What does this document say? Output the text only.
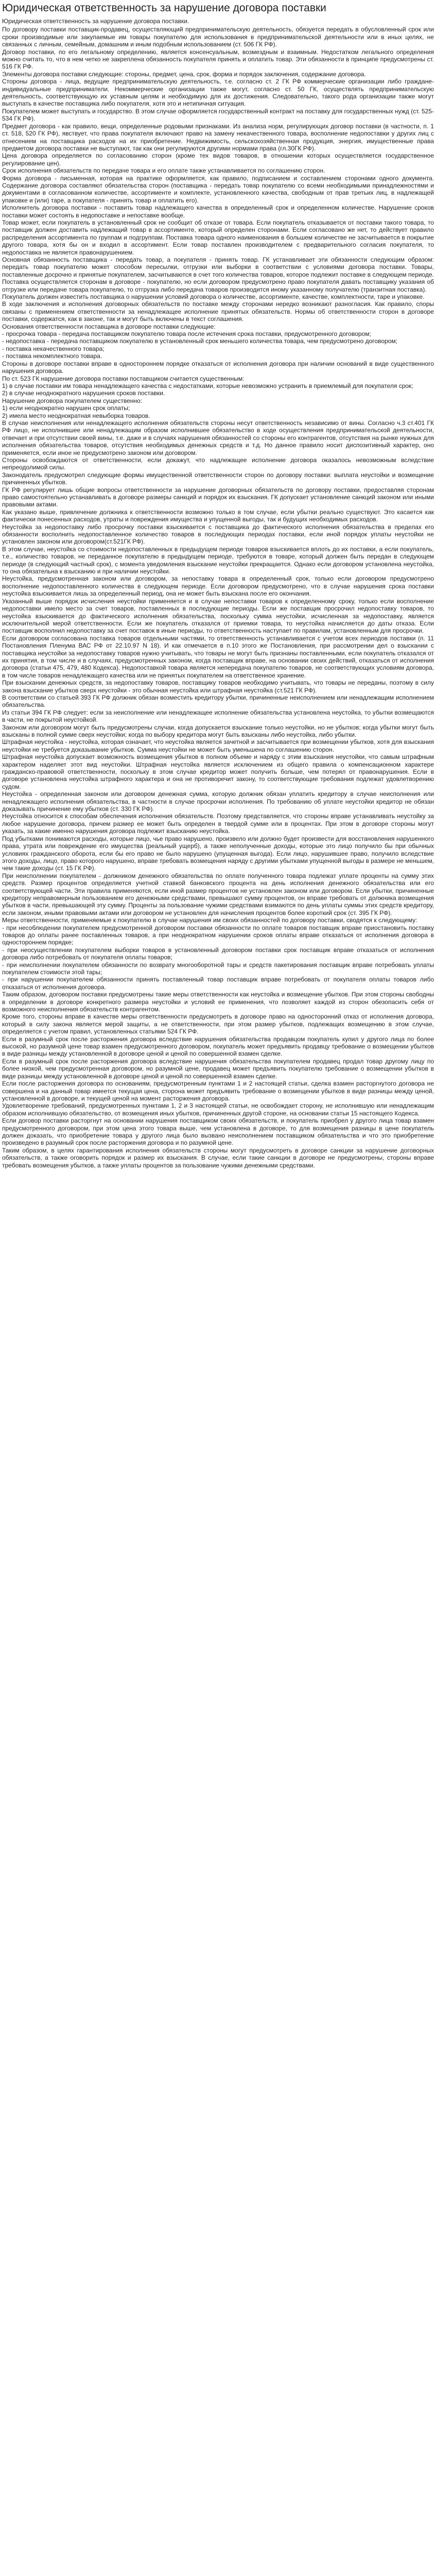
Юридическая ответственность за нарушение договора поставки

Юридическая ответственность за нарушение договора поставки.

По договору поставки поставщик-продавец, осуществляющий предпринимательскую деятельность, обязуется передать в обусловленный срок или сроки производимые или закупаемые им товары покупателю для использования в предпринимательской деятельности или в иных целях, не связанных с личным, семейным, домашним и иным подобным использованием (ст. 506 ГК РФ).

Договор поставки, по его легальному определению, является консенсуальным, возмездным и взаимным. Недостатком легального определения можно считать то, что в нем четко не закреплена обязанность покупателя принять и оплатить товар. Эти обязанности в принципе предусмотрены ст. 516 ГК РФ.

Элементы договора поставки следующие: стороны, предмет, цена, срок, форма и порядок заключения, содержание договора.

Стороны договора - лица, ведущие предпринимательскую деятельность, т.е. согласно ст. 2 ГК РФ коммерческие организации либо граждане-индивидуальные предприниматели. Некоммерческие организации также могут, согласно ст. 50 ГК, осуществлять предпринимательскую деятельность, соответствующую их уставным целям и необходимую для их достижения. Следовательно, такого рода организации также могут выступать в качестве поставщика либо покупателя, хотя это и нетипичная ситуация.

Покупателем может выступать и государство. В этом случае оформляется государственный контракт на поставку для государственных нужд (ст. 525-534 ГК РФ).

Предмет договора - как правило, вещи, определенные родовыми признаками. Из анализа норм, регулирующих договор поставки (в частности, п. 1 ст. 518, 520 ГК РФ), явствует, что права покупателя включают право на замену некачественного товара, восполнение недопоставки у других лиц с отнесением на поставщика расходов на их приобретение. Недвижимость, сельскохозяйственная продукция, энергия, имущественные права предметом договора поставки не выступают, так как они регулируются другими нормами права (гл.30ГК РФ).

Цена договора определяется по согласованию сторон (кроме тех видов товаров, в отношении которых осуществляется государственное регулирование цен).

Срок исполнения обязательств по передаче товара и его оплате также устанавливается по соглашению сторон.

Форма договора - письменная, которая на практике оформляется, как правило, подписанием и составлением сторонами одного документа. Содержание договора составляют обязательства сторон (поставщика - передать товар покупателю со всеми необходимыми принадлежностями и документами в согласованном количестве, ассортименте и комплекте, установленного качества, свободным от прав третьих лиц, в надлежащей упаковке и (или) таре, а покупателя - принять товар и оплатить его).

Исполнитель договора поставки - поставить товар надлежащего качества в определенный срок и определенном количестве. Нарушение сроков поставки может состоять в недопоставке и непоставке вообще.

Товар может, если покупатель в установленный срок не сообщит об отказе от товара. Если покупатель отказывается от поставки такого товара, то поставщик должен доставить надлежащий товар в ассортименте, который определен сторонами. Если согласовано же нет, то действует правило распределения ассортимента по группам и подгруппам. Поставка товара одного наименования в большем количестве не засчитывается в покрытие другого товара, хотя бы он и входил в ассортимент. Если товар поставлен производителем с предварительного согласия покупателя, то недопоставка не является правонарушением.

Основная обязанность поставщика - передать товар, а покупателя - принять товар. ГК устанавливает эти обязанности следующим образом: передать товар покупателю может способом пересылки, отгрузки или выборки в соответствии с условиями договора поставки. Товары, поставленные досрочно и принятые покупателем, засчитываются в счет того количества товаров, которое подлежит поставке в следующем периоде. Поставка осуществляется сторонам в договоре - покупателю, но если договором предусмотрено право покупателя давать поставщику указания об отгрузке или передаче товара покупателю, то отгрузка либо передача товаров производится иному указанному получателю (транзитная поставка).

Покупатель должен известить поставщика о нарушении условий договора о количестве, ассортименте, качестве, комплектности, таре и упаковке.

В ходе заключения и исполнения договорных обязательств по поставке между сторонами нередко возникают разногласия. Как правило, споры связаны с применением ответственности за ненадлежащее исполнение принятых обязательств. Нормы об ответственности сторон в договоре поставки, содержатся, как в законе, так и могут быть включены в текст соглашения.

Основания ответственности поставщика в договоре поставки следующие:

- просрочка товара - передача поставщиком покупателю товара после истечения срока поставки, предусмотренного договором;

- недопоставка - передача поставщиком покупателю в установленный срок меньшего количества товара, чем предусмотрено договором;

- поставка некачественного товара;

- поставка некомплектного товара.

Стороны в договоре поставки вправе в одностороннем порядке отказаться от исполнения договора при наличии оснований в виде существенного нарушения договора.

По ст. 523 ГК нарушение договора поставки поставщиком считается существенным:

1) в случае поставки им товара ненадлежащего качества с недостатками, которые невозможно устранить в приемлемый для покупателя срок;

2) в случае неоднократного нарушения сроков поставки.

Нарушение договора покупателем существенно:

1) если неоднократно нарушен срок оплаты;

2) имела место неоднократная невыборка товаров.

В случае неисполнения или ненадлежащего исполнения обязательств стороны несут ответственность независимо от вины. Согласно ч.3 ст.401 ГК РФ лицо, не исполнившее или ненадлежащим образом исполнившее обязательство в ходе осуществления предпринимательской деятельности, отвечает и при отсутствии своей вины, т.е. даже и в случаях нарушения обязанностей со стороны его контрагентов, отсутствия на рынке нужных для исполнения обязательства товаров, отсутствия необходимых денежных средств и т.д. Но данное правило носит диспозитивный характер, оно применяется, если иное не предусмотрено законом или договором.

Стороны освобождаются от ответственности, если докажут, что надлежащее исполнение договора оказалось невозможным вследствие непреодолимой силы.

Законодатель предусмотрел следующие формы имущественной ответственности сторон по договору поставки: выплата неустойки и возмещение причиненных убытков.

ГК РФ регулирует лишь общие вопросы ответственности за нарушение договорных обязательств по договору поставки, предоставляя сторонам право самостоятельно устанавливать в договоре размеры санкций и порядок их взыскания. ГК допускает установление санкций законом или иными правовыми актами.

Как указано выше, привлечение должника к ответственности возможно только в том случае, если убытки реально существуют. Это касается как фактически понесенных расходов, утраты и повреждения имущества и упущенной выгоды, так и будущих необходимых расходов.

Неустойка за недопоставку либо просрочку поставки взыскивается с поставщика до фактического исполнения обязательства в пределах его обязанности восполнить недопоставленное количество товаров в последующих периодах поставки, если иной порядок уплаты неустойки не установлен законом или договором(ст.521ГК РФ).

В этом случае, неустойка со стоимости недопоставленных в предыдущем периоде товаров взыскивается вплоть до их поставки, а если покупатель, т.е., количество товаров, не переданное покупателю в предыдущем периоде, требуются в товаре, который должен быть передан в следующем периоде (в следующий частный срок), с момента уведомления взыскание неустойки прекращается. Однако если договором установлена неустойка, то она обязательна к взысканию и при наличии неустойки.

Неустойка, предусмотренная законом или договором, за непоставку товара в определенный срок, только если договором предусмотрено восполнение недопоставленного количества в следующем периоде. Если договором предусмотрено, что в случае нарушения срока поставки неустойка взыскивается лишь за определенный период, она не может быть взыскана после его окончания.

Указанный выше порядок исчисления неустойки применяется и в случае непоставки товаров к определенному сроку, только если восполнение недопоставки имело место за счет товаров, поставленных в последующие периоды. Если же поставщик просрочил недопоставку товаров, то неустойка взыскивается до фактического исполнения обязательства, поскольку сумма неустойки, исчисленная за недопоставку, является исключительной мерой ответственности. Если же покупатель отказался от приемки товара, то неустойка начисляется до даты отказа. Если поставщик восполнил недопоставку за счет поставок в иные периоды, то ответственность наступает по правилам, установленным для просрочки.

Если договором согласована поставка товаров отдельными частями, то ответственность устанавливается с учетом всех периодов поставки (п. 11 Постановления Пленума ВАС РФ от 22.10.97 N 18). И как отмечается в п.10 этого же Постановления, при рассмотрении дел о взыскании с поставщика неустойки за недопоставку товаров нужно учитывать, что товары не могут быть признаны поставленными, если покупатель отказался от их принятия, в том числе и в случаях, предусмотренных законом, когда поставщик вправе, на основании своих действий, отказаться от исполнения договора (статьи 475, 479, 480 Кодекса). Недопоставкой товара является непередача покупателю товаров, не соответствующих условиям договора, в том числе товаров ненадлежащего качества или не принятых покупателем на ответственное хранение.

При взыскании денежных средств, за недопоставку товаров, поставщику товаров необходимо учитывать, что товары не переданы, поэтому в силу закона взыскание убытков сверх неустойки - это обычная неустойка или штрафная неустойка (ст.521 ГК РФ).

В соответствии со статьей 393 ГК РФ должник обязан возместить кредитору убытки, причиненные неисполнением или ненадлежащим исполнением обязательства.

Из статьи 394 ГК РФ следует: если за неисполнение или ненадлежащее исполнение обязательства установлена неустойка, то убытки возмещаются в части, не покрытой неустойкой.

Законом или договором могут быть предусмотрены случаи, когда допускается взыскание только неустойки, но не убытков; когда убытки могут быть взысканы в полной сумме сверх неустойки; когда по выбору кредитора могут быть взысканы либо неустойка, либо убытки.

Штрафная неустойка - неустойка, которая означает, что неустойка является зачетной и засчитывается при возмещении убытков, хотя для взыскания неустойки не требуется доказывание убытков. Сумма неустойки не может быть уменьшена по соглашению сторон.

Штрафная неустойка допускает возможность возмещения убытков в полном объеме и наряду с этим взыскания неустойки, что самым штрафным характером наделяет этот вид неустойки. Штрафная неустойка является исключением из общего правила о компенсационном характере гражданско-правовой ответственности, поскольку в этом случае кредитор может получить больше, чем потерял от правонарушения. Если в договоре установлена неустойка штрафного характера и она не противоречит закону, то соответствующие требования подлежат удовлетворению судом.

Неустойка - определенная законом или договором денежная сумма, которую должник обязан уплатить кредитору в случае неисполнения или ненадлежащего исполнения обязательства, в частности в случае просрочки исполнения. По требованию об уплате неустойки кредитор не обязан доказывать причинение ему убытков (ст. 330 ГК РФ).

Неустойка относится к способам обеспечения исполнения обязательств. Поэтому представляется, что стороны вправе устанавливать неустойку за любое нарушение договора, причем размер ее может быть определен в твердой сумме или в процентах. При этом в договоре стороны могут указать, за какие именно нарушения договора подлежит взысканию неустойка.

Под убытками понимаются расходы, которые лицо, чье право нарушено, произвело или должно будет произвести для восстановления нарушенного права, утрата или повреждение его имущества (реальный ущерб), а также неполученные доходы, которые это лицо получило бы при обычных условиях гражданского оборота, если бы его право не было нарушено (упущенная выгода). Если лицо, нарушившее право, получило вследствие этого доходы, лицо, право которого нарушено, вправе требовать возмещения наряду с другими убытками упущенной выгоды в размере не меньшем, чем такие доходы (ст. 15 ГК РФ).

При неисполнении покупателем - должником денежного обязательства по оплате полученного товара подлежат уплате проценты на сумму этих средств. Размер процентов определяется учетной ставкой банковского процента на день исполнения денежного обязательства или его соответствующей части. Эти правила применяются, если иной размер процентов не установлен законом или договором. Если убытки, причиненные кредитору неправомерным пользованием его денежными средствами, превышают сумму процентов, он вправе требовать от должника возмещения убытков в части, превышающей эту сумму. Проценты за пользование чужими средствами взимаются по день уплаты суммы этих средств кредитору, если законом, иными правовыми актами или договором не установлен для начисления процентов более короткий срок (ст. 395 ГК РФ).

Меры ответственности, применяемые к покупателю в случае нарушения им своих обязанностей по договору поставки, сводятся к следующему:

- при несоблюдении покупателем предусмотренной договором поставки обязанности по оплате товаров поставщик вправе приостановить поставку товаров до оплаты ранее поставленных товаров, а при неоднократном нарушении сроков оплаты вправе отказаться от исполнения договора в одностороннем порядке;

- при неосуществлении покупателем выборки товаров в установленный договором поставки срок поставщик вправе отказаться от исполнения договора либо потребовать от покупателя оплаты товаров;

- при неисполнении покупателем обязанности по возврату многооборотной тары и средств пакетирования поставщик вправе потребовать уплаты покупателем стоимости этой тары;

- при нарушении покупателем обязанности принять поставленный товар поставщик вправе потребовать от покупателя оплаты товаров либо отказаться от исполнения договора.

Таким образом, договором поставки предусмотрены такие меры ответственности как неустойка и возмещение убытков. При этом стороны свободны в определении в договоре конкретного размера неустойки и условий ее применения, что позволяет каждой из сторон обезопасить себя от возможного неисполнения обязательств контрагентом.

Кроме того, стороны вправе в качестве меры ответственности предусмотреть в договоре право на односторонний отказ от исполнения договора, который в силу закона является мерой защиты, а не ответственности, при этом размер убытков, подлежащих возмещению в этом случае, определяется с учетом правил, установленных статьями 524 ГК РФ.

Если в разумный срок после расторжения договора вследствие нарушения обязательства продавцом покупатель купил у другого лица по более высокой, но разумной цене товар взамен предусмотренного договором, покупатель может предъявить продавцу требование о возмещении убытков в виде разницы между установленной в договоре ценой и ценой по совершенной взамен сделке.

Если в разумный срок после расторжения договора вследствие нарушения обязательства покупателем продавец продал товар другому лицу по более низкой, чем предусмотренная договором, но разумной цене, продавец может предъявить покупателю требование о возмещении убытков в виде разницы между установленной в договоре ценой и ценой по совершенной взамен сделке.

Если после расторжения договора по основаниям, предусмотренным пунктами 1 и 2 настоящей статьи, сделка взамен расторгнутого договора не совершена и на данный товар имеется текущая цена, сторона может предъявить требование о возмещении убытков в виде разницы между ценой, установленной в договоре, и текущей ценой на момент расторжения договора.

Удовлетворение требований, предусмотренных пунктами 1, 2 и 3 настоящей статьи, не освобождает сторону, не исполнившую или ненадлежащим образом исполнившую обязательство, от возмещения иных убытков, причиненных другой стороне, на основании статьи 15 настоящего Кодекса.

Если договор поставки расторгнут на основании нарушения поставщиком своих обязательств, и покупатель приобрел у другого лица товар взамен предусмотренного договором, при этом цена этого товара выше, чем установлена в договоре, то для возмещения разницы в цене покупатель должен доказать, что приобретение товара у другого лица было вызвано неисполнением поставщиком обязательства и что это приобретение произведено в разумный срок после расторжения договора и по разумной цене.

Таким образом, в целях гарантирования исполнения обязательств стороны могут предусмотреть в договоре санкции за нарушение договорных обязательств, а также оговорить порядок и размер их взыскания. В случае, если такие санкции в договоре не предусмотрены, стороны вправе требовать возмещения убытков, а также уплаты процентов за пользование чужими денежными средствами.
